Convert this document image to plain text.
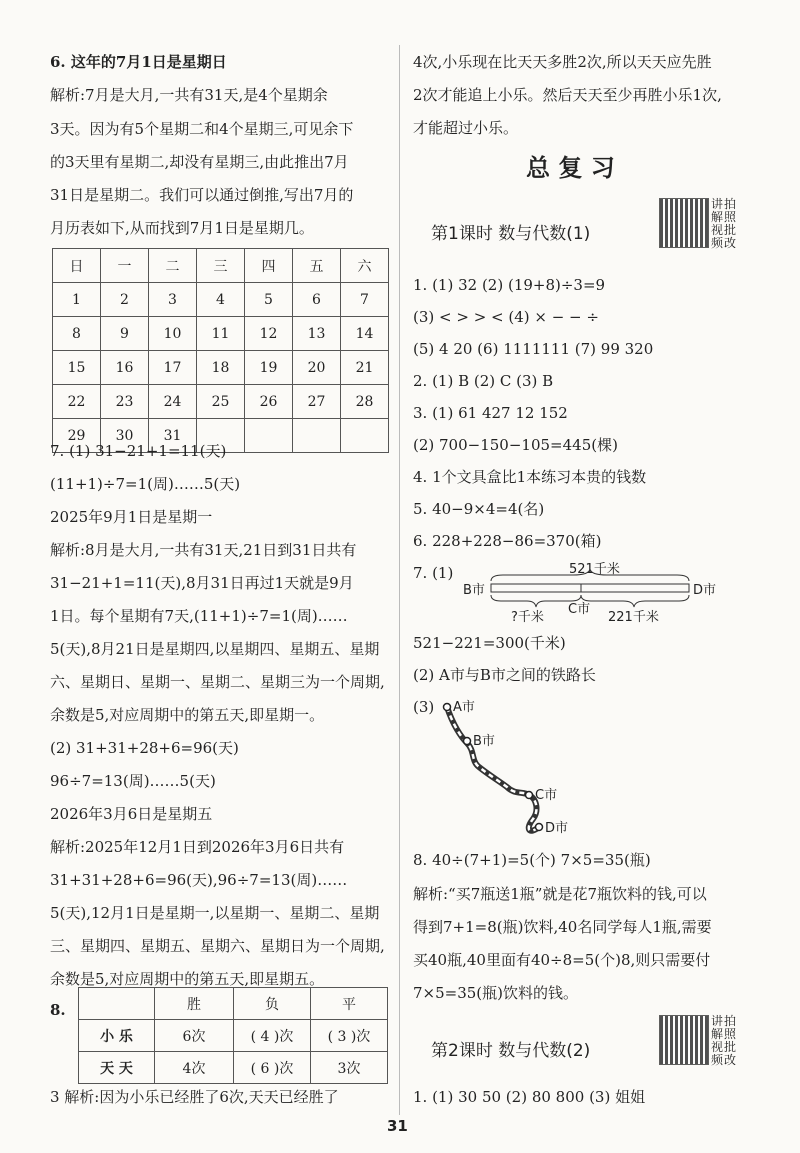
6. 这年的7月1日是星期日
解析:7月是大月,一共有31天,是4个星期余
3天。因为有5个星期二和4个星期三,可见余下
的3天里有星期二,却没有星期三,由此推出7月
31日是星期二。我们可以通过倒推,写出7月的
月历表如下,从而找到7月1日是星期几。
日	一	二	三	四	五	六
1	2	3	4	5	6	7
8	9	10	11	12	13	14
15	16	17	18	19	20	21
22	23	24	25	26	27	28
29	30	31				
7. (1) 31−21+1=11(天)
(11+1)÷7=1(周)……5(天)
2025年9月1日是星期一
解析:8月是大月,一共有31天,21日到31日共有
31−21+1=11(天),8月31日再过1天就是9月
1日。每个星期有7天,(11+1)÷7=1(周)……
5(天),8月21日是星期四,以星期四、星期五、星期
六、星期日、星期一、星期二、星期三为一个周期,
余数是5,对应周期中的第五天,即星期一。
(2) 31+31+28+6=96(天)
96÷7=13(周)……5(天)
2026年3月6日是星期五
解析:2025年12月1日到2026年3月6日共有
31+31+28+6=96(天),96÷7=13(周)……
5(天),12月1日是星期一,以星期一、星期二、星期
三、星期四、星期五、星期六、星期日为一个周期,
余数是5,对应周期中的第五天,即星期五。
8.
		胜	负	平
小 乐	6次	( 4 )次	( 3 )次
天 天	4次	( 6 )次	3次
3 解析:因为小乐已经胜了6次,天天已经胜了
4次,小乐现在比天天多胜2次,所以天天应先胜
2次才能追上小乐。然后天天至少再胜小乐1次,
才能超过小乐。
总 复 习
第1课时 数与代数(1)
讲拍解照视批频改
1. (1) 32 (2) (19+8)÷3=9
(3) < > > < (4) × − − ÷
(5) 4 20 (6) 1111111 (7) 99 320
2. (1) B (2) C (3) B
3. (1) 61 427 12 152
(2) 700−150−105=445(棵)
4. 1个文具盒比1本练习本贵的钱数
5. 40−9×4=4(名)
6. 228+228−86=370(箱)
7. (1)
B市	D市
521千米
?千米
C市
221千米
521−221=300(千米)
(2) A市与B市之间的铁路长
(3) A市
B市
C市
D市
8. 40÷(7+1)=5(个) 7×5=35(瓶)
解析:“买7瓶送1瓶”就是花7瓶饮料的钱,可以
得到7+1=8(瓶)饮料,40名同学每人1瓶,需要
买40瓶,40里面有40÷8=5(个)8,则只需要付
7×5=35(瓶)饮料的钱。
第2课时 数与代数(2)
讲拍解照视批频改
1. (1) 30 50 (2) 80 800 (3) 姐姐
31
